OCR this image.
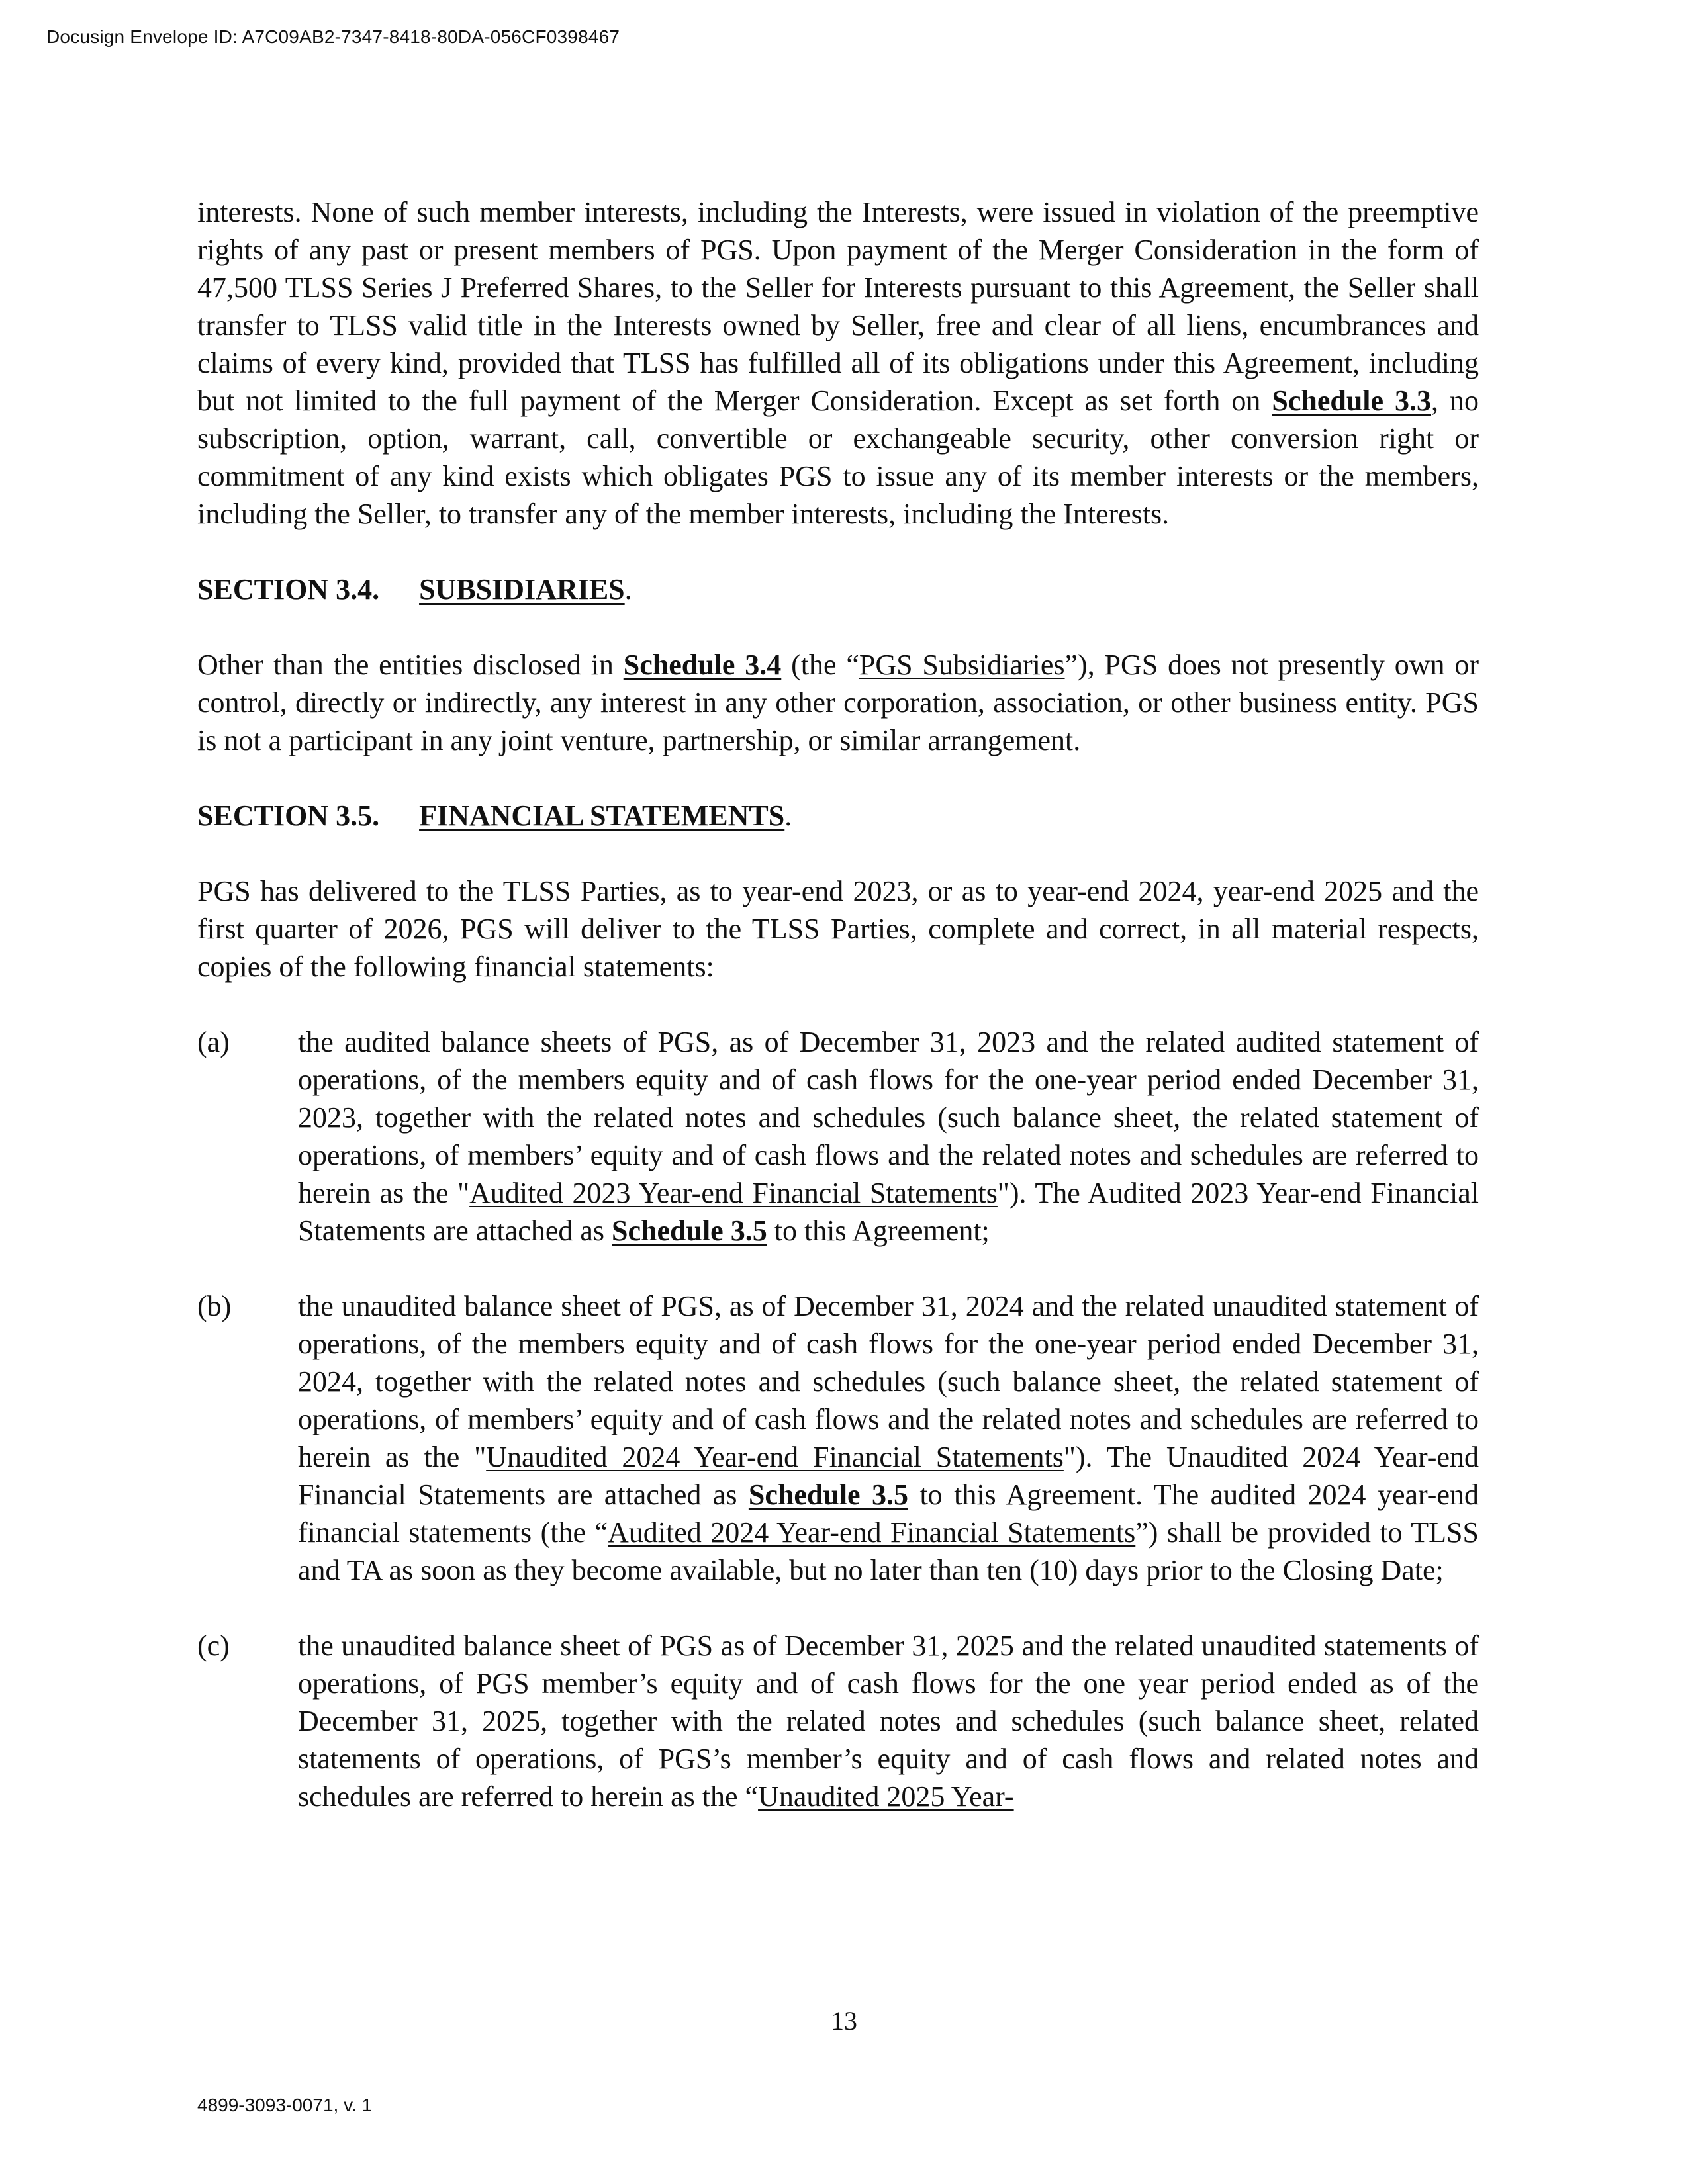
Docusign Envelope ID: A7C09AB2-7347-8418-80DA-056CF0398467

interests. None of such member interests, including the Interests, were issued in violation of the preemptive rights of any past or present members of PGS. Upon payment of the Merger Consideration in the form of 47,500 TLSS Series J Preferred Shares, to the Seller for Interests pursuant to this Agreement, the Seller shall transfer to TLSS valid title in the Interests owned by Seller, free and clear of all liens, encumbrances and claims of every kind, provided that TLSS has fulfilled all of its obligations under this Agreement, including but not limited to the full payment of the Merger Consideration. Except as set forth on Schedule 3.3, no subscription, option, warrant, call, convertible or exchangeable security, other conversion right or commitment of any kind exists which obligates PGS to issue any of its member interests or the members, including the Seller, to transfer any of the member interests, including the Interests.

SECTION 3.4. SUBSIDIARIES.

Other than the entities disclosed in Schedule 3.4 (the “PGS Subsidiaries”), PGS does not presently own or control, directly or indirectly, any interest in any other corporation, association, or other business entity. PGS is not a participant in any joint venture, partnership, or similar arrangement.

SECTION 3.5. FINANCIAL STATEMENTS.

PGS has delivered to the TLSS Parties, as to year-end 2023, or as to year-end 2024, year-end 2025 and the first quarter of 2026, PGS will deliver to the TLSS Parties, complete and correct, in all material respects, copies of the following financial statements:

(a) the audited balance sheets of PGS, as of December 31, 2023 and the related audited statement of operations, of the members equity and of cash flows for the one-year period ended December 31, 2023, together with the related notes and schedules (such balance sheet, the related statement of operations, of members’ equity and of cash flows and the related notes and schedules are referred to herein as the "Audited 2023 Year-end Financial Statements"). The Audited 2023 Year-end Financial Statements are attached as Schedule 3.5 to this Agreement;

(b) the unaudited balance sheet of PGS, as of December 31, 2024 and the related unaudited statement of operations, of the members equity and of cash flows for the one-year period ended December 31, 2024, together with the related notes and schedules (such balance sheet, the related statement of operations, of members’ equity and of cash flows and the related notes and schedules are referred to herein as the "Unaudited 2024 Year-end Financial Statements"). The Unaudited 2024 Year-end Financial Statements are attached as Schedule 3.5 to this Agreement. The audited 2024 year-end financial statements (the “Audited 2024 Year-end Financial Statements”) shall be provided to TLSS and TA as soon as they become available, but no later than ten (10) days prior to the Closing Date;

(c) the unaudited balance sheet of PGS as of December 31, 2025 and the related unaudited statements of operations, of PGS member’s equity and of cash flows for the one year period ended as of the December 31, 2025, together with the related notes and schedules (such balance sheet, related statements of operations, of PGS’s member’s equity and of cash flows and related notes and schedules are referred to herein as the “Unaudited 2025 Year-

13
4899-3093-0071, v. 1
